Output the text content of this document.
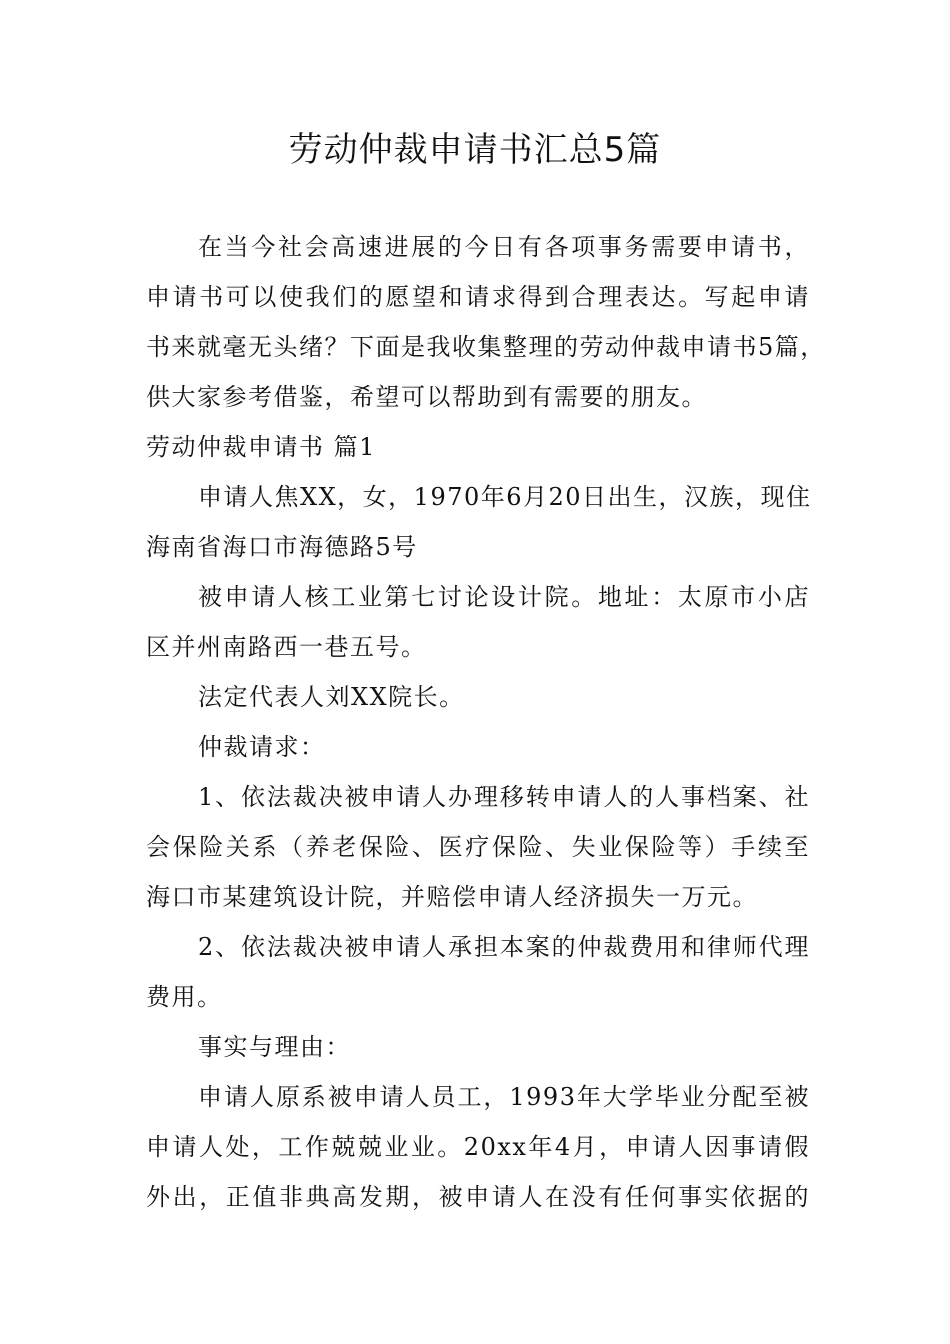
劳动仲裁申请书汇总5篇
在当今社会高速进展的今日有各项事务需要申请书，
申请书可以使我们的愿望和请求得到合理表达。写起申请
书来就毫无头绪？下面是我收集整理的劳动仲裁申请书5篇，
供大家参考借鉴，希望可以帮助到有需要的朋友。
劳动仲裁申请书 篇1
申请人焦XX，女，1970年6月20日出生，汉族，现住
海南省海口市海德路5号
被申请人核工业第七讨论设计院。地址：太原市小店
区并州南路西一巷五号。
法定代表人刘XX院长。
仲裁请求：
1、依法裁决被申请人办理移转申请人的人事档案、社
会保险关系（养老保险、医疗保险、失业保险等）手续至
海口市某建筑设计院，并赔偿申请人经济损失一万元。
2、依法裁决被申请人承担本案的仲裁费用和律师代理
费用。
事实与理由：
申请人原系被申请人员工，1993年大学毕业分配至被
申请人处，工作兢兢业业。20xx年4月，申请人因事请假
外出，正值非典高发期，被申请人在没有任何事实依据的
